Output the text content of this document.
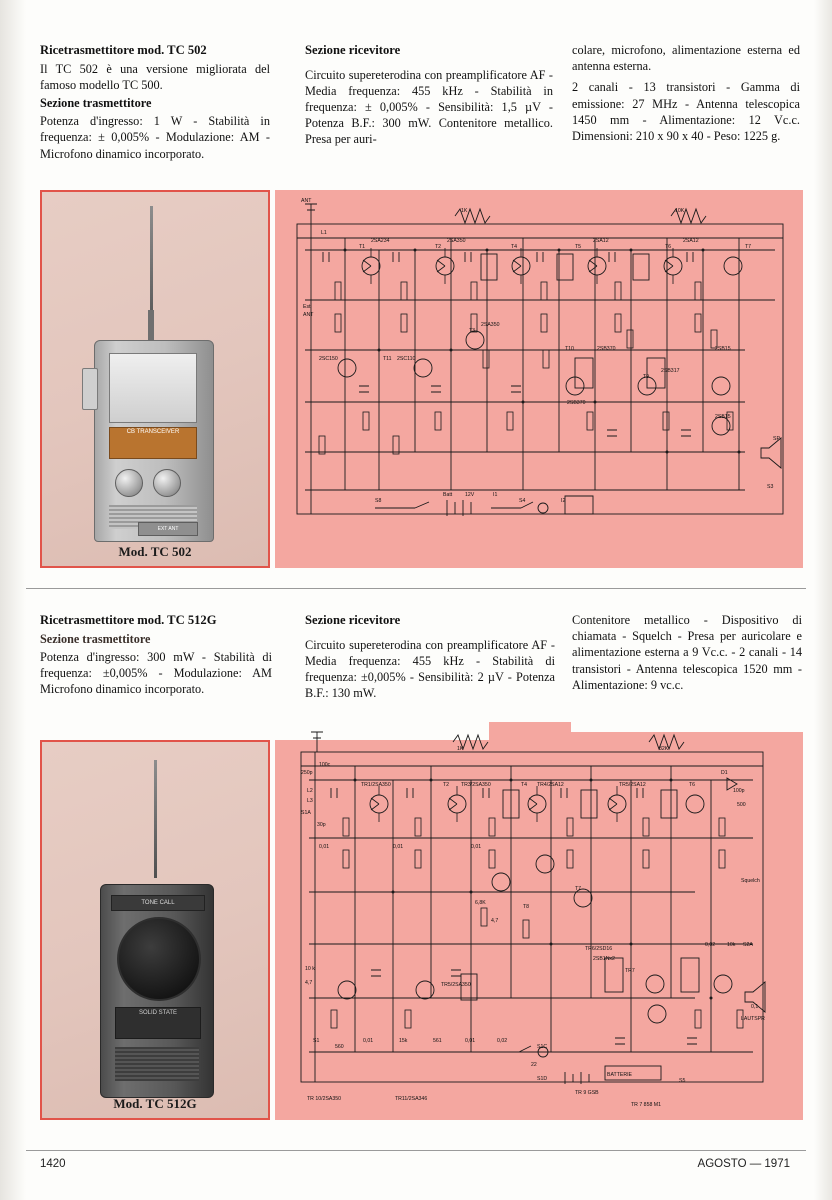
Ricetrasmettitore mod. TC 502

Il TC 502 è una versione migliorata del famoso modello TC 500.

Sezione trasmettitore

Potenza d'ingresso: 1 W - Stabilità in frequenza: ± 0,005% - Modulazione: AM - Microfono dinamico incorporato.

Sezione ricevitore

Circuito supereterodina con preamplificatore AF - Media frequenza: 455 kHz - Stabilità in frequenza: ± 0,005% - Sensibilità: 1,5 µV - Potenza B.F.: 300 mW. Contenitore metallico. Presa per auri-

colare, microfono, alimentazione esterna ed antenna esterna.

2 canali - 13 transistori - Gamma di emissione: 27 MHz - Antenna telescopica 1450 mm - Alimentazione: 12 Vc.c. Dimensioni: 210 x 90 x 40 - Peso: 1225 g.

CB TRANSCEIVER
EXT ANT
Mod. TC 502
ANT
L1
T1
2SA234
T2
2SA350
T4	T5
2SA12
T6
2SA12
T7
1K	10K
Est
ANT
2SC150	T11 2SC110
T3
2SA350
T10	2SB370
T9
2SB317
2SB15
2SB15
2SB370
S8
Batt 12V	I1
S4	I2
SP
S3

Ricetrasmettitore mod. TC 512G

Sezione trasmettitore

Potenza d'ingresso: 300 mW - Stabilità di frequenza: ±0,005% - Modulazione: AM Microfono dinamico incorporato.

Sezione ricevitore

Circuito supereterodina con preamplificatore AF - Media frequenza: 455 kHz - Stabilità di frequenza: ±0,005% - Sensibilità: 2 µV - Potenza B.F.: 130 mW.

Contenitore metallico - Dispositivo di chiamata - Squelch - Presa per auricolare e alimentazione esterna a 9 Vc.c. - 2 canali - 14 transistori - Antenna telescopica 1520 mm - Alimentazione: 9 vc.c.

TONE CALL
SOLID STATE
Mod. TC 512G
250p
100c
L2
L3
S1A
30p
TR1/2SA350	T2 TR3/2SA350	T4 TR4/2SA12	TR5/2SA12	T6
D1
100p
500
1K	82K
0,01	0,01	0,01
6,8K
4,7
T8
T7
Squelch
TR6/2SD16
2SB1Nx2
TR7
0,02 10k S2A
0,1
10 k
4,7	TR5/2SA350
S1
560
0,01	15k	561	0,01	0,02
S1C
22
S1D
TR 9 GSB
BATTERIE
S5
LAUTSPR
TR 10/2SA350	TR11/2SA346
TR 7 858 M1
1420	AGOSTO — 1971
